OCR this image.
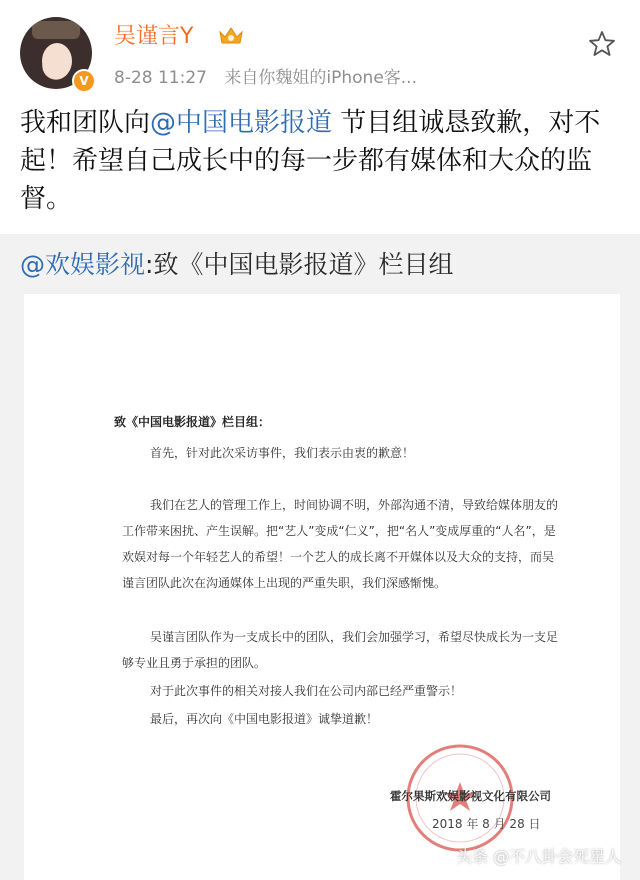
V
吴谨言Y
8-28 11:27 来自你魏姐的iPhone客...
我和团队向@中国电影报道 节目组诚恳致歉，对不起！希望自己成长中的每一步都有媒体和大众的监督。
@欢娱影视:致《中国电影报道》栏目组
致《中国电影报道》栏目组：
首先，针对此次采访事件，我们表示由衷的歉意！
我们在艺人的管理工作上，时间协调不明，外部沟通不清，导致给媒体朋友的工作带来困扰、产生误解。把“艺人”变成“仁义”，把“名人”变成厚重的“人名”，是欢娱对每一个年轻艺人的希望！一个艺人的成长离不开媒体以及大众的支持，而吴谨言团队此次在沟通媒体上出现的严重失职，我们深感惭愧。
吴谨言团队作为一支成长中的团队，我们会加强学习，希望尽快成长为一支足够专业且勇于承担的团队。
对于此次事件的相关对接人我们在公司内部已经严重警示！
最后，再次向《中国电影报道》诚挚道歉！
霍尔果斯欢娱影视文化有限公司
2018 年 8 月 28 日
头条 @不八卦会死星人
